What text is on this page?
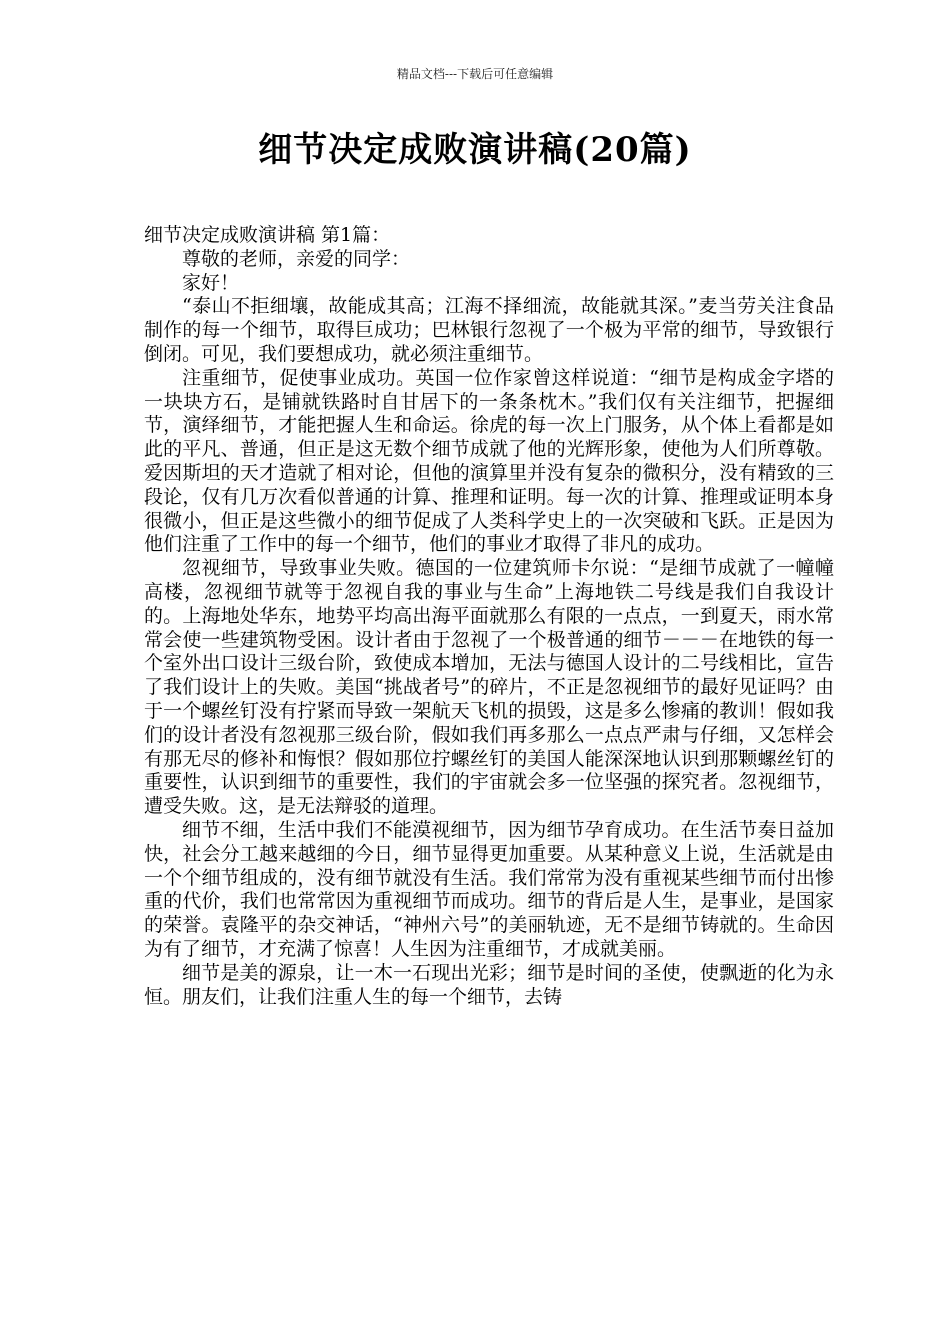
精品文档---下载后可任意编辑
细节决定成败演讲稿(20篇)

细节决定成败演讲稿 第1篇：

尊敬的老师，亲爱的同学：

家好！

“泰山不拒细壤，故能成其高；江海不择细流，故能就其深。”麦当劳关注食品制作的每一个细节，取得巨成功；巴林银行忽视了一个极为平常的细节，导致银行倒闭。可见，我们要想成功，就必须注重细节。

注重细节，促使事业成功。英国一位作家曾这样说道：“细节是构成金字塔的一块块方石，是铺就铁路时自甘居下的一条条枕木。”我们仅有关注细节，把握细节，演绎细节，才能把握人生和命运。徐虎的每一次上门服务，从个体上看都是如此的平凡、普通，但正是这无数个细节成就了他的光辉形象，使他为人们所尊敬。爱因斯坦的天才造就了相对论，但他的演算里并没有复杂的微积分，没有精致的三段论，仅有几万次看似普通的计算、推理和证明。每一次的计算、推理或证明本身很微小，但正是这些微小的细节促成了人类科学史上的一次突破和飞跃。正是因为他们注重了工作中的每一个细节，他们的事业才取得了非凡的成功。

忽视细节，导致事业失败。德国的一位建筑师卡尔说：“是细节成就了一幢幢高楼，忽视细节就等于忽视自我的事业与生命”上海地铁二号线是我们自我设计的。上海地处华东，地势平均高出海平面就那么有限的一点点，一到夏天，雨水常常会使一些建筑物受困。设计者由于忽视了一个极普通的细节－－－在地铁的每一个室外出口设计三级台阶，致使成本增加，无法与德国人设计的二号线相比，宣告了我们设计上的失败。美国“挑战者号”的碎片，不正是忽视细节的最好见证吗？由于一个螺丝钉没有拧紧而导致一架航天飞机的损毁，这是多么惨痛的教训！假如我们的设计者没有忽视那三级台阶，假如我们再多那么一点点严肃与仔细，又怎样会有那无尽的修补和悔恨？假如那位拧螺丝钉的美国人能深深地认识到那颗螺丝钉的重要性，认识到细节的重要性，我们的宇宙就会多一位坚强的探究者。忽视细节，遭受失败。这，是无法辩驳的道理。

细节不细，生活中我们不能漠视细节，因为细节孕育成功。在生活节奏日益加快，社会分工越来越细的今日，细节显得更加重要。从某种意义上说，生活就是由一个个细节组成的，没有细节就没有生活。我们常常为没有重视某些细节而付出惨重的代价，我们也常常因为重视细节而成功。细节的背后是人生，是事业，是国家的荣誉。袁隆平的杂交神话，“神州六号”的美丽轨迹，无不是细节铸就的。生命因为有了细节，才充满了惊喜！人生因为注重细节，才成就美丽。

细节是美的源泉，让一木一石现出光彩；细节是时间的圣使，使飘逝的化为永恒。朋友们，让我们注重人生的每一个细节，去铸
